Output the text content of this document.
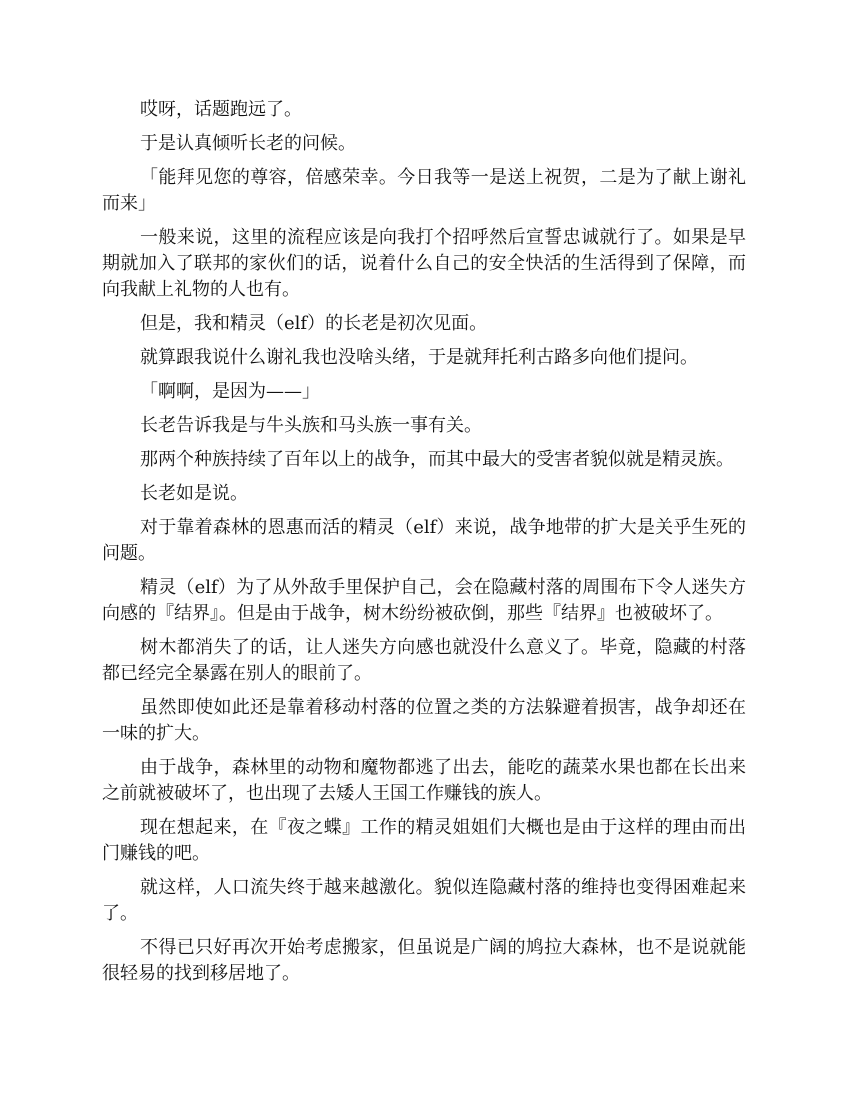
哎呀，话题跑远了。

于是认真倾听长老的问候。

「能拜见您的尊容，倍感荣幸。今日我等一是送上祝贺，二是为了献上谢礼而来」

一般来说，这里的流程应该是向我打个招呼然后宣誓忠诚就行了。如果是早期就加入了联邦的家伙们的话，说着什么自己的安全快活的生活得到了保障，而向我献上礼物的人也有。

但是，我和精灵（elf）的长老是初次见面。

就算跟我说什么谢礼我也没啥头绪，于是就拜托利古路多向他们提问。

「啊啊，是因为——」

长老告诉我是与牛头族和马头族一事有关。

那两个种族持续了百年以上的战争，而其中最大的受害者貌似就是精灵族。

长老如是说。

对于靠着森林的恩惠而活的精灵（elf）来说，战争地带的扩大是关乎生死的问题。

精灵（elf）为了从外敌手里保护自己，会在隐藏村落的周围布下令人迷失方向感的『结界』。但是由于战争，树木纷纷被砍倒，那些『结界』也被破坏了。

树木都消失了的话，让人迷失方向感也就没什么意义了。毕竟，隐藏的村落都已经完全暴露在别人的眼前了。

虽然即使如此还是靠着移动村落的位置之类的方法躲避着损害，战争却还在一味的扩大。

由于战争，森林里的动物和魔物都逃了出去，能吃的蔬菜水果也都在长出来之前就被破坏了，也出现了去矮人王国工作赚钱的族人。

现在想起来，在『夜之蝶』工作的精灵姐姐们大概也是由于这样的理由而出门赚钱的吧。

就这样，人口流失终于越来越激化。貌似连隐藏村落的维持也变得困难起来了。

不得已只好再次开始考虑搬家，但虽说是广阔的鸠拉大森林，也不是说就能很轻易的找到移居地了。
